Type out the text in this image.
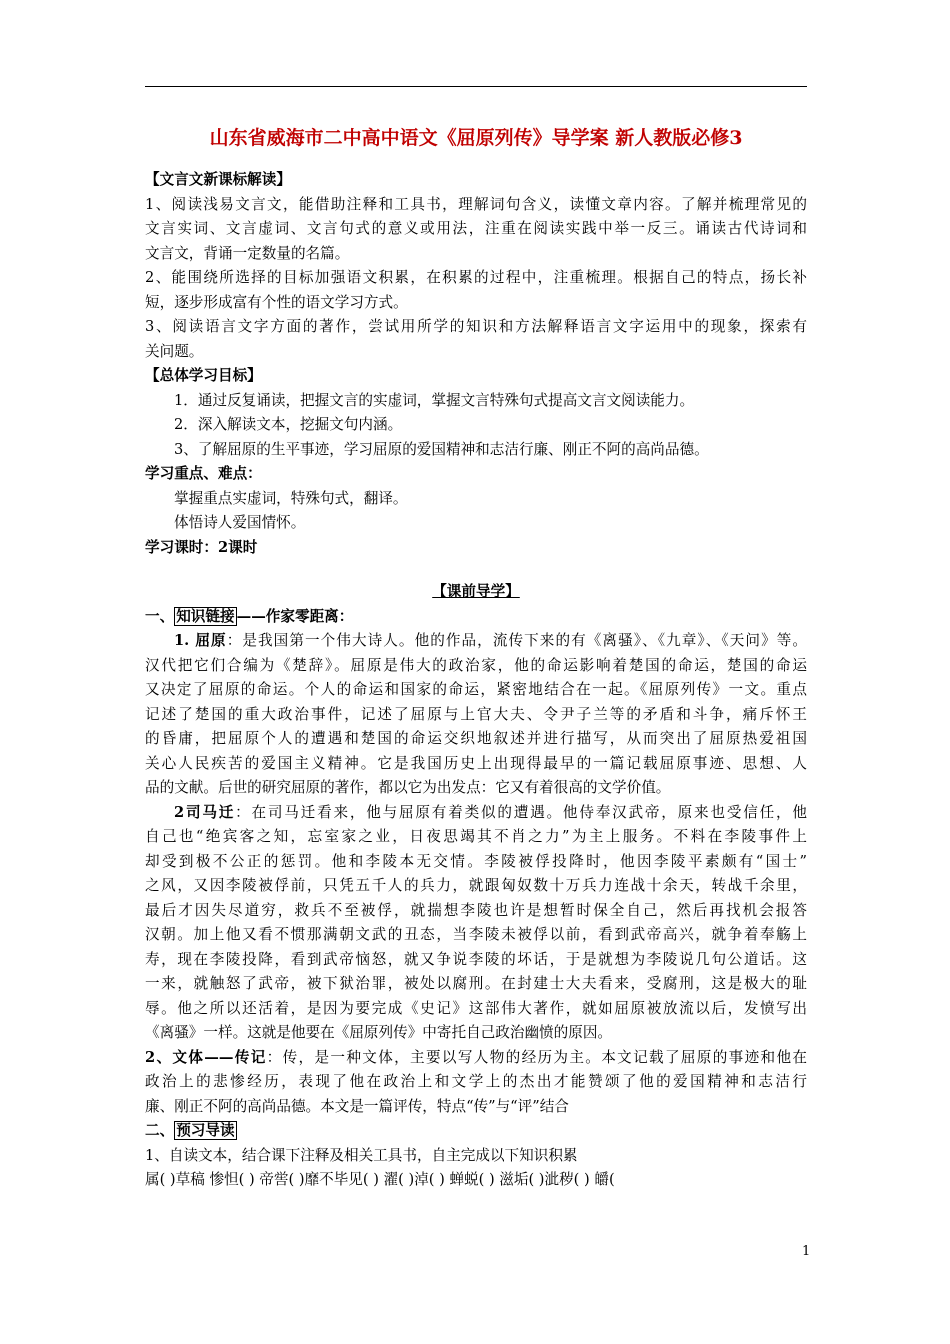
山东省威海市二中高中语文《屈原列传》导学案 新人教版必修3
【文言文新课标解读】
1、阅读浅易文言文，能借助注释和工具书，理解词句含义，读懂文章内容。了解并梳理常见的
文言实词、文言虚词、文言句式的意义或用法，注重在阅读实践中举一反三。诵读古代诗词和
文言文，背诵一定数量的名篇。
2、能围绕所选择的目标加强语文积累，在积累的过程中，注重梳理。根据自己的特点，扬长补
短，逐步形成富有个性的语文学习方式。
3、阅读语言文字方面的著作，尝试用所学的知识和方法解释语言文字运用中的现象，探索有
关问题。
【总体学习目标】
1．通过反复诵读，把握文言的实虚词，掌握文言特殊句式提高文言文阅读能力。
2．深入解读文本，挖掘文句内涵。
3、了解屈原的生平事迹，学习屈原的爱国精神和志洁行廉、刚正不阿的高尚品德。
学习重点、难点：
掌握重点实虚词，特殊句式，翻译。
体悟诗人爱国情怀。
学习课时：2课时
【课前导学】
一、 知识链接 ——作家零距离：
1. 屈原：是我国第一个伟大诗人。他的作品，流传下来的有《离骚》、《九章》、《天问》等。
汉代把它们合编为《楚辞》。屈原是伟大的政治家，他的命运影响着楚国的命运，楚国的命运
又决定了屈原的命运。个人的命运和国家的命运，紧密地结合在一起。《屈原列传》一文。重点
记述了楚国的重大政治事件，记述了屈原与上官大夫、令尹子兰等的矛盾和斗争，痛斥怀王
的昏庸，把屈原个人的遭遇和楚国的命运交织地叙述并进行描写，从而突出了屈原热爱祖国
关心人民疾苦的爱国主义精神。它是我国历史上出现得最早的一篇记载屈原事迹、思想、人
品的文献。后世的研究屈原的著作，都以它为出发点：它又有着很高的文学价值。
2司马迁：在司马迁看来，他与屈原有着类似的遭遇。他侍奉汉武帝，原来也受信任，他
自己也“绝宾客之知，忘室家之业，日夜思竭其不肖之力”为主上服务。不料在李陵事件上
却受到极不公正的惩罚。他和李陵本无交情。李陵被俘投降时，他因李陵平素颇有“国士”
之风，又因李陵被俘前，只凭五千人的兵力，就跟匈奴数十万兵力连战十余天，转战千余里，
最后才因失尽道穷，救兵不至被俘，就揣想李陵也许是想暂时保全自己，然后再找机会报答
汉朝。加上他又看不惯那满朝文武的丑态，当李陵未被俘以前，看到武帝高兴，就争着奉觞上
寿，现在李陵投降，看到武帝恼怒，就又争说李陵的坏话，于是就想为李陵说几句公道话。这
一来，就触怒了武帝，被下狱治罪，被处以腐刑。在封建士大夫看来，受腐刑，这是极大的耻
辱。他之所以还活着，是因为要完成《史记》这部伟大著作，就如屈原被放流以后，发愤写出
《离骚》一样。这就是他要在《屈原列传》中寄托自己政治幽愤的原因。
2、文体——传记：传，是一种文体，主要以写人物的经历为主。本文记载了屈原的事迹和他在
政治上的悲惨经历，表现了他在政治上和文学上的杰出才能赞颂了他的爱国精神和志洁行
廉、刚正不阿的高尚品德。本文是一篇评传，特点“传”与“评”结合
二、 预习导读
1、自读文本，结合课下注释及相关工具书，自主完成以下知识积累
属( )草稿 惨怛( ) 帝喾( )靡不毕见( ) 濯( )淖( ) 蝉蜕( ) 滋垢( )泚秽( ) 皭(
1
